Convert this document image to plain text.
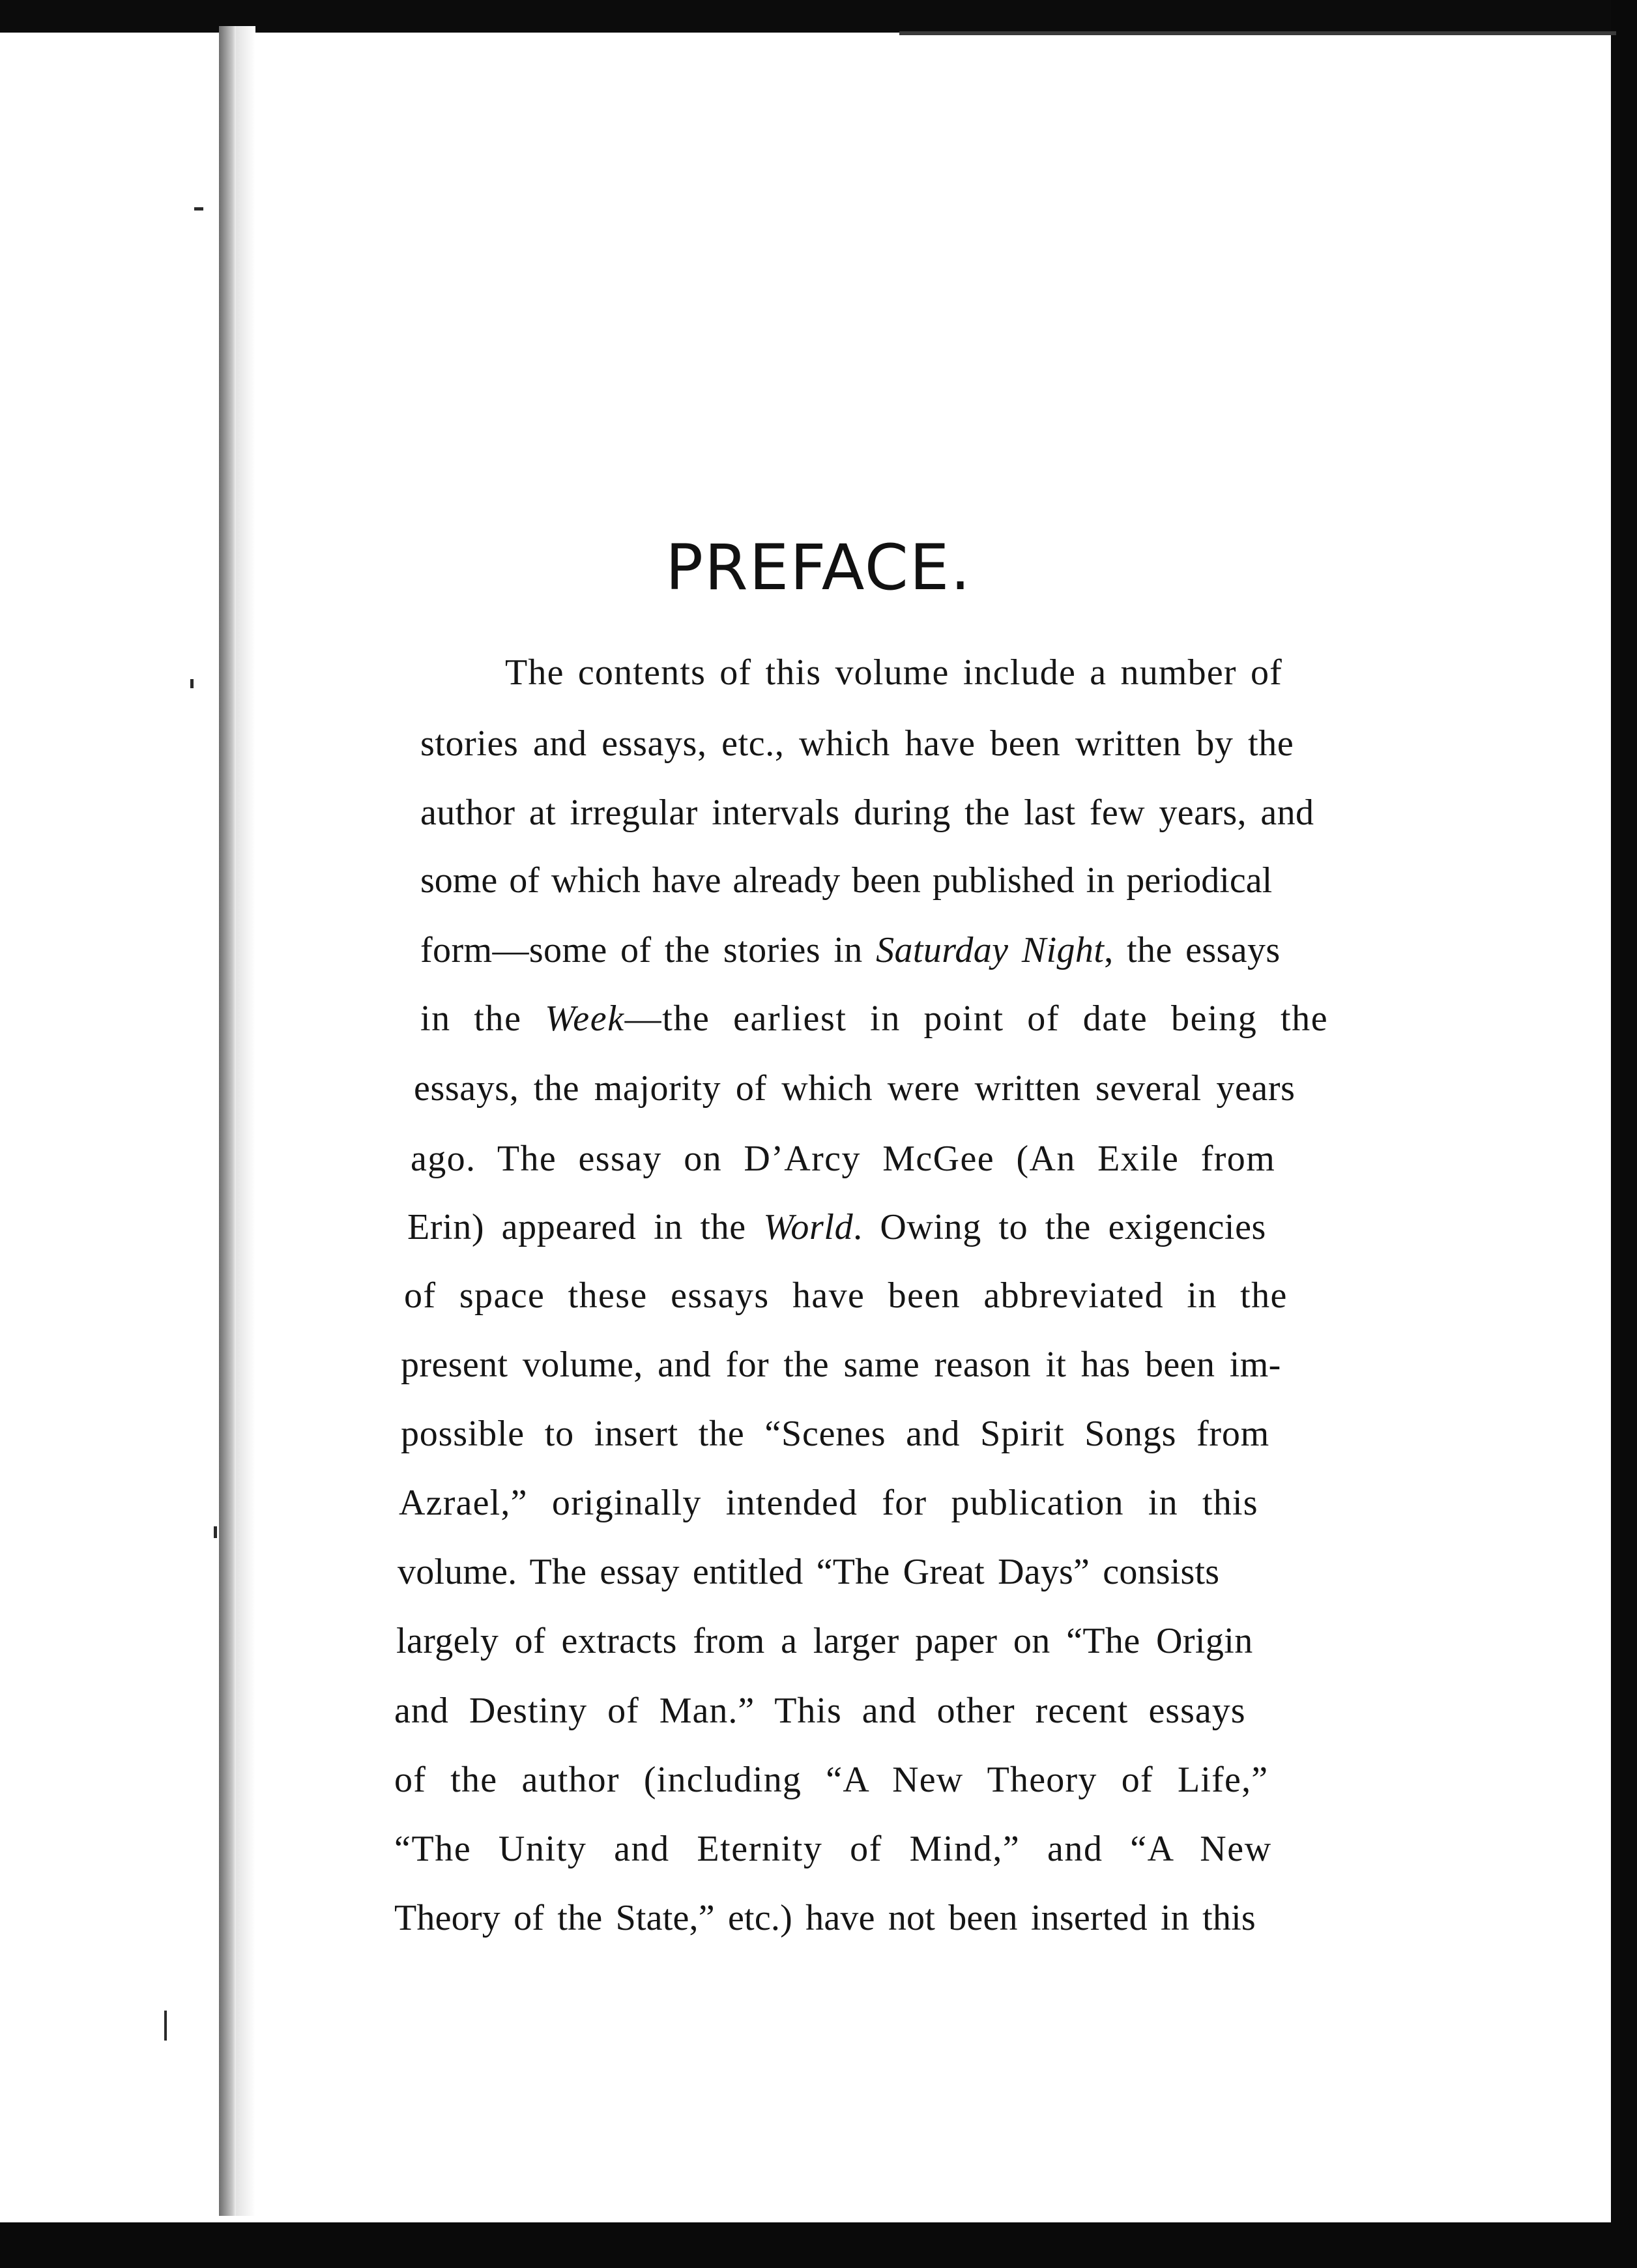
PREFACE.
The contents of this volume include a number of
stories and essays, etc., which have been written by the
author at irregular intervals during the last few years, and
some of which have already been published in periodical
form—some of the stories in Saturday Night, the essays
in the Week—the earliest in point of date being the
essays, the majority of which were written several years
ago. The essay on D’Arcy McGee (An Exile from
Erin) appeared in the World. Owing to the exigencies
of space these essays have been abbreviated in the
present volume, and for the same reason it has been im-
possible to insert the “Scenes and Spirit Songs from
Azrael,” originally intended for publication in this
volume. The essay entitled “The Great Days” consists
largely of extracts from a larger paper on “The Origin
and Destiny of Man.” This and other recent essays
of the author (including “A New Theory of Life,”
“The Unity and Eternity of Mind,” and “A New
Theory of the State,” etc.) have not been inserted in this
